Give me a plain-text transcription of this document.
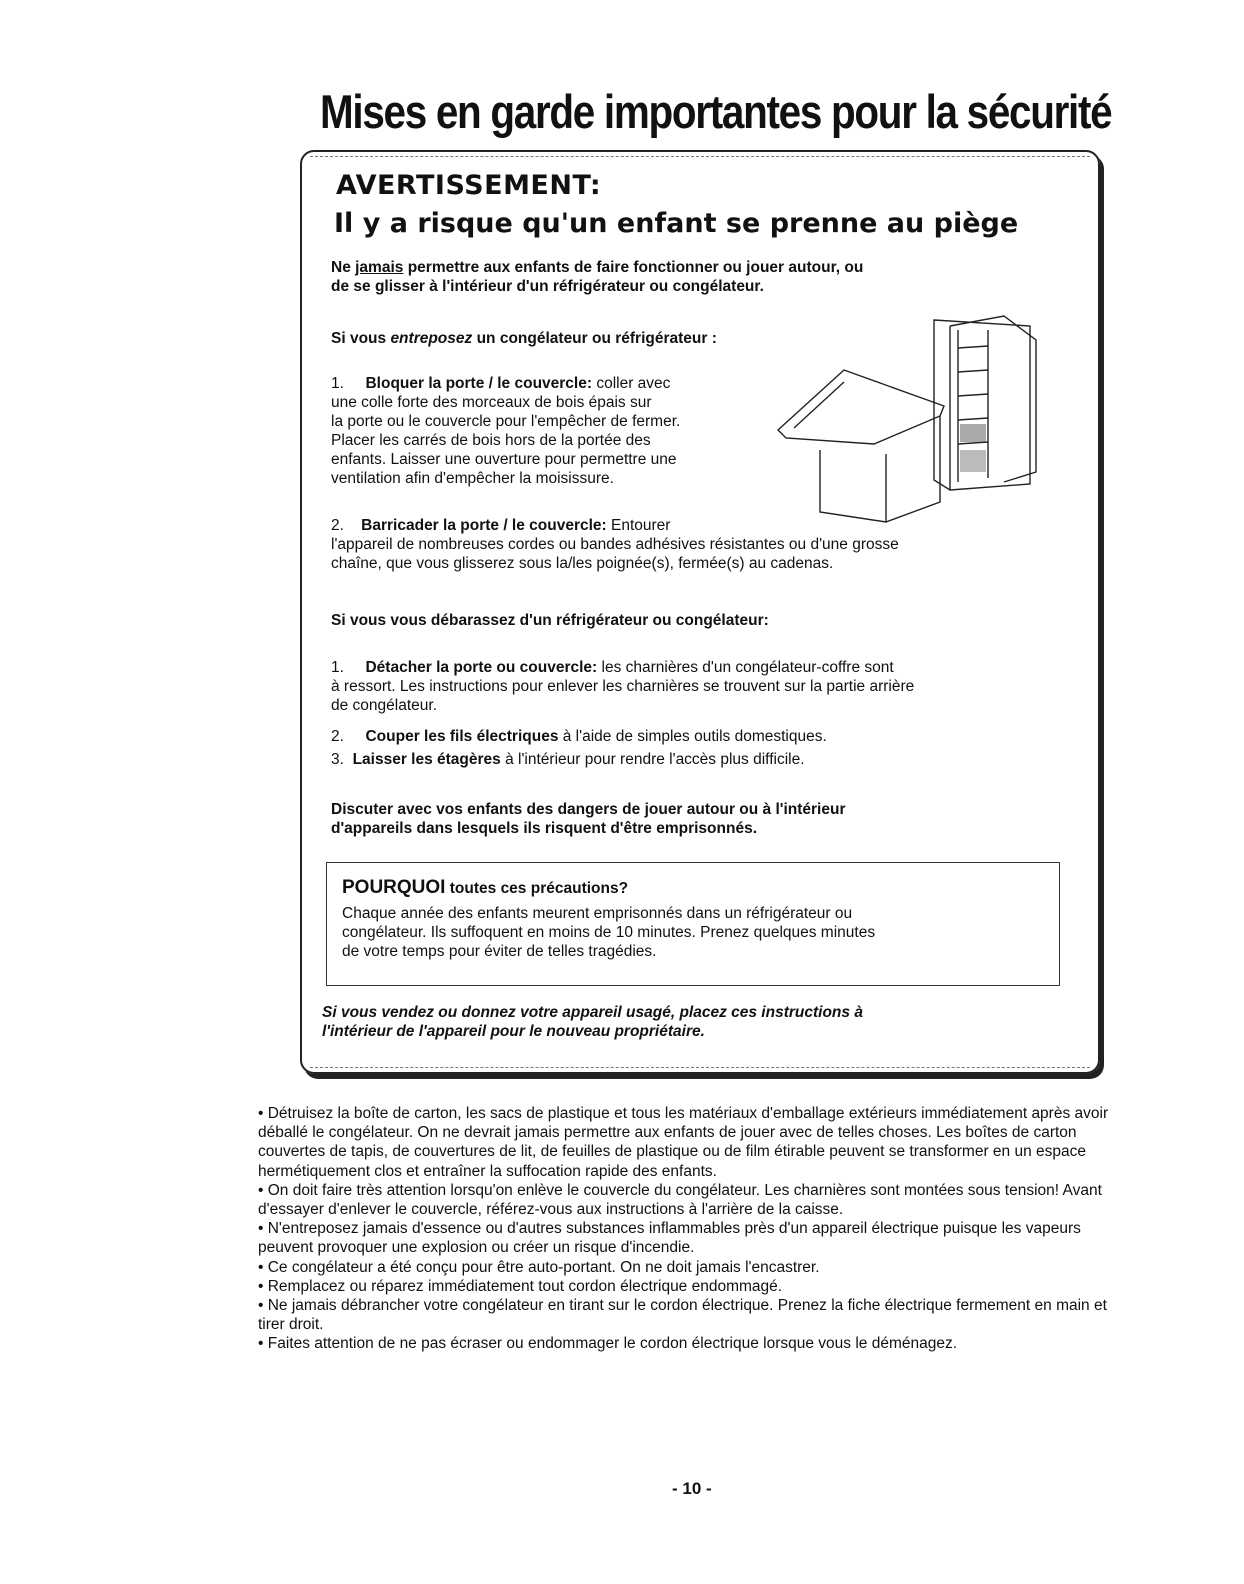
Mises en garde importantes pour la sécurité
AVERTISSEMENT:
Il y a risque qu'un enfant se prenne au piège
Ne jamais permettre aux enfants de faire fonctionner ou jouer autour, ou
de se glisser à l'intérieur d'un réfrigérateur ou congélateur.
Si vous entreposez un congélateur ou réfrigérateur :
1. Bloquer la porte / le couvercle: coller avec
une colle forte des morceaux de bois épais sur
la porte ou le couvercle pour l'empêcher de fermer.
Placer les carrés de bois hors de la portée des
enfants. Laisser une ouverture pour permettre une
ventilation afin d'empêcher la moisissure.
2. Barricader la porte / le couvercle: Entourer
l'appareil de nombreuses cordes ou bandes adhésives résistantes ou d'une grosse
chaîne, que vous glisserez sous la/les poignée(s), fermée(s) au cadenas.
Si vous vous débarassez d'un réfrigérateur ou congélateur:
1. Détacher la porte ou couvercle: les charnières d'un congélateur-coffre sont
à ressort. Les instructions pour enlever les charnières se trouvent sur la partie arrière
de congélateur.
2. Couper les fils électriques à l'aide de simples outils domestiques.
3. Laisser les étagères à l'intérieur pour rendre l'accès plus difficile.
Discuter avec vos enfants des dangers de jouer autour ou à l'intérieur
d'appareils dans lesquels ils risquent d'être emprisonnés.
POURQUOI toutes ces précautions?
Chaque année des enfants meurent emprisonnés dans un réfrigérateur ou
congélateur. Ils suffoquent en moins de 10 minutes. Prenez quelques minutes
de votre temps pour éviter de telles tragédies.
Si vous vendez ou donnez votre appareil usagé, placez ces instructions à
l'intérieur de l'appareil pour le nouveau propriétaire.

• Détruisez la boîte de carton, les sacs de plastique et tous les matériaux d'emballage extérieurs immédiatement après avoir déballé le congélateur. On ne devrait jamais permettre aux enfants de jouer avec de telles choses. Les boîtes de carton couvertes de tapis, de couvertures de lit, de feuilles de plastique ou de film étirable peuvent se transformer en un espace hermétiquement clos et entraîner la suffocation rapide des enfants.

• On doit faire très attention lorsqu'on enlève le couvercle du congélateur. Les charnières sont montées sous tension! Avant d'essayer d'enlever le couvercle, référez-vous aux instructions à l'arrière de la caisse.

• N'entreposez jamais d'essence ou d'autres substances inflammables près d'un appareil électrique puisque les vapeurs peuvent provoquer une explosion ou créer un risque d'incendie.

• Ce congélateur a été conçu pour être auto-portant. On ne doit jamais l'encastrer.

• Remplacez ou réparez immédiatement tout cordon électrique endommagé.

• Ne jamais débrancher votre congélateur en tirant sur le cordon électrique. Prenez la fiche électrique fermement en main et tirer droit.

• Faites attention de ne pas écraser ou endommager le cordon électrique lorsque vous le déménagez.

- 10 -
